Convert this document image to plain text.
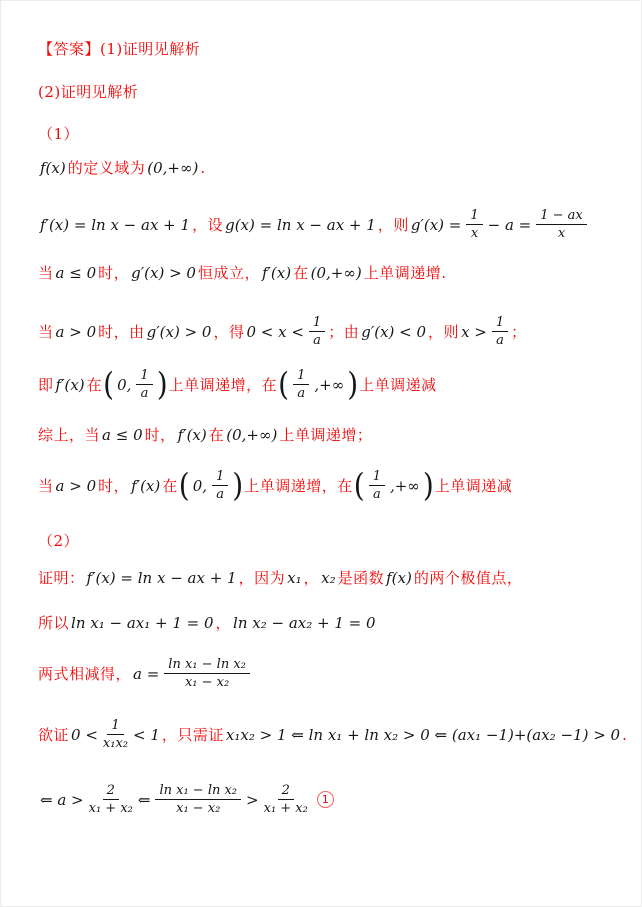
【答案】(1)证明见解析
(2)证明见解析
（1）
f(x) 的定义域为 (0,+∞) .
f′(x) = ln x − ax + 1 ，设 g(x) = ln x − ax + 1 ，则 $g'(x) = \frac{1}{x} - a = \frac{1 - ax}{x}$
当 a ≤ 0 时， g′(x) > 0 恒成立， f′(x) 在 (0,+∞) 上单调递增.
当 a > 0 时，由 g′(x) > 0 ，得 $0 < x < \frac{1}{a}$ ；由 g′(x) < 0 ，则 $x > \frac{1}{a}$ ；
即 f′(x) 在 ( 0, $\frac{1}{a}$ ) 上单调递增，在 ( $\frac{1}{a}$ ,+∞ ) 上单调递减
综上，当 a ≤ 0 时， f′(x) 在 (0,+∞) 上单调递增；
当 a > 0 时， f′(x) 在 ( 0, $\frac{1}{a}$ ) 上单调递增，在 ( $\frac{1}{a}$ ,+∞ ) 上单调递减
（2）
证明： f′(x) = ln x − ax + 1 ，因为 x₁ ， x₂ 是函数 f(x) 的两个极值点，
所以 ln x₁ − ax₁ + 1 = 0 ， ln x₂ − ax₂ + 1 = 0
两式相减得， $a = \frac{\text{ln x₁ − ln x₂}}{\text{x₁ − x₂}}$
欲证 $0 < \frac{1}{\text{x₁x₂}} < 1$ ，只需证 x₁x₂ > 1 ⇐ ln x₁ + ln x₂ > 0 ⇐ (ax₁ −1)+(ax₂ −1) > 0 .
⇐ $a > \frac{2}{\text{x₁ + x₂}}$ ⇐ $\frac{\text{ln x₁ − ln x₂}}{\text{x₁ − x₂}} > \frac{2}{\text{x₁ + x₂}}$	1
